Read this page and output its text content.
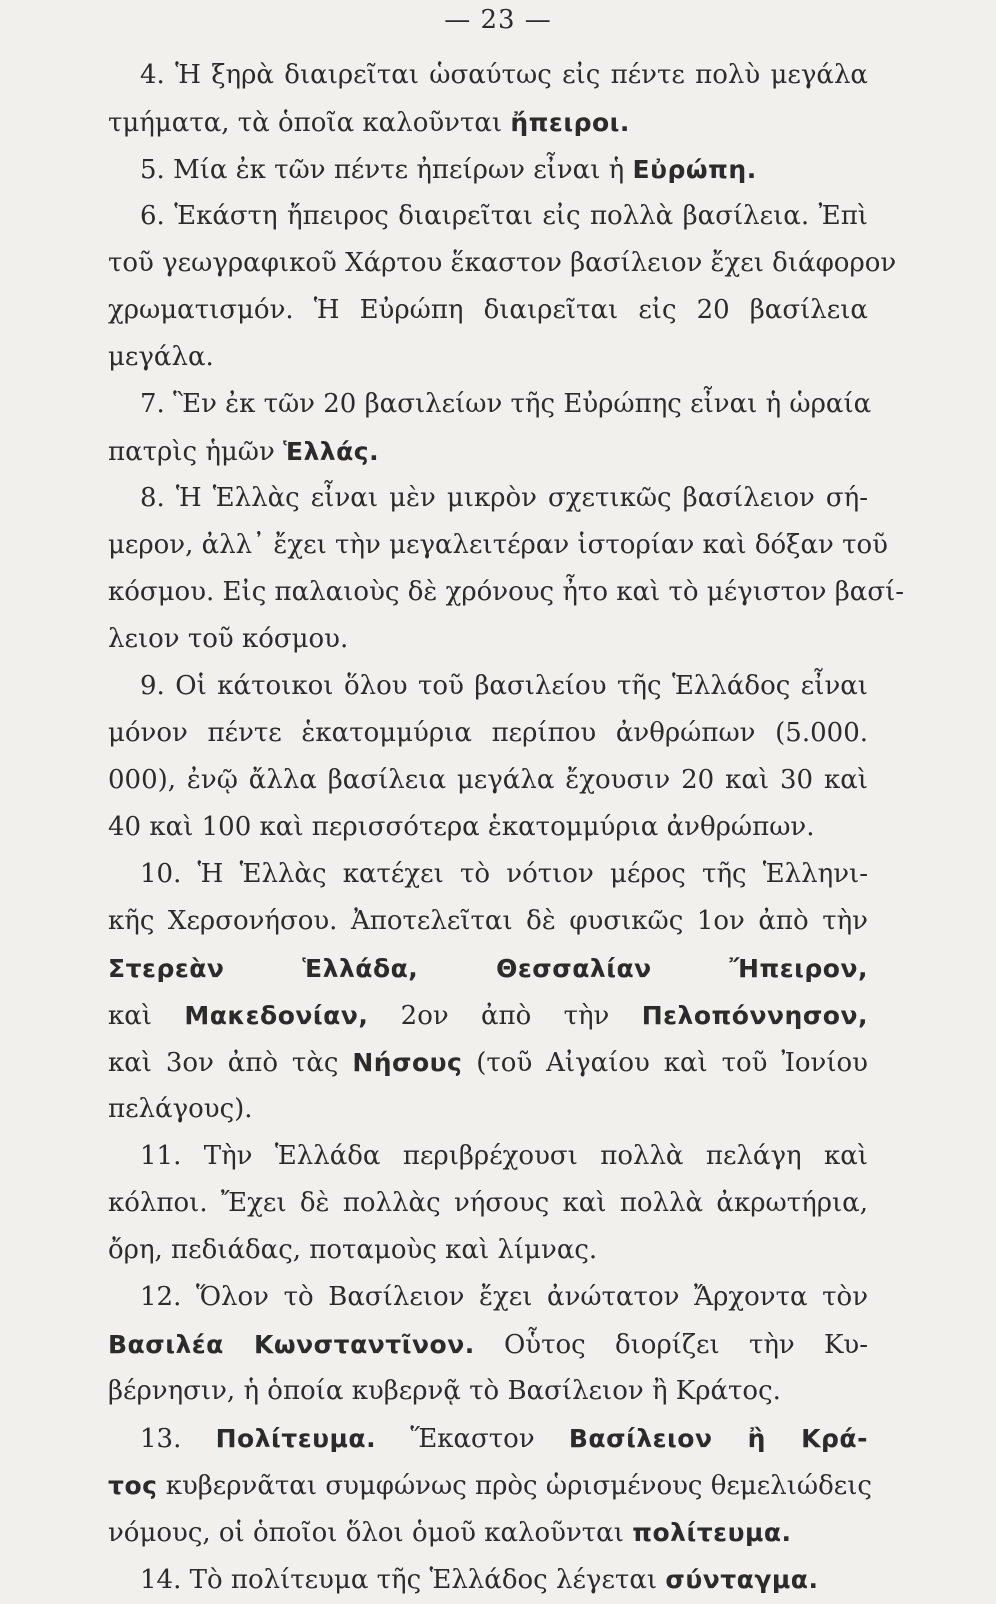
— 23 —
4. Ἡ ξηρὰ διαιρεῖται ὡσαύτως εἰς πέντε πολὺ μεγάλα
τμήματα, τὰ ὁποῖα καλοῦνται ἤπειροι.
5. Μία ἐκ τῶν πέντε ἠπείρων εἶναι ἡ Εὐρώπη.
6. Ἑκάστη ἤπειρος διαιρεῖται εἰς πολλὰ βασίλεια. Ἐπὶ
τοῦ γεωγραφικοῦ Χάρτου ἕκαστον βασίλειον ἔχει διάφορον
χρωματισμόν. Ἡ Εὐρώπη διαιρεῖται εἰς 20 βασίλεια
μεγάλα.
7. Ἓν ἐκ τῶν 20 βασιλείων τῆς Εὐρώπης εἶναι ἡ ὡραία
πατρὶς ἡμῶν Ἑλλάς.
8. Ἡ Ἑλλὰς εἶναι μὲν μικρὸν σχετικῶς βασίλειον σή-
μερον, ἀλλ᾽ ἔχει τὴν μεγαλειτέραν ἱστορίαν καὶ δόξαν τοῦ
κόσμου. Εἰς παλαιοὺς δὲ χρόνους ἦτο καὶ τὸ μέγιστον βασί-
λειον τοῦ κόσμου.
9. Οἱ κάτοικοι ὅλου τοῦ βασιλείου τῆς Ἑλλάδος εἶναι
μόνον πέντε ἑκατομμύρια περίπου ἀνθρώπων (5.000.
000), ἐνῷ ἄλλα βασίλεια μεγάλα ἔχουσιν 20 καὶ 30 καὶ
40 καὶ 100 καὶ περισσότερα ἑκατομμύρια ἀνθρώπων.
10. Ἡ Ἑλλὰς κατέχει τὸ νότιον μέρος τῆς Ἑλληνι-
κῆς Χερσονήσου. Ἀποτελεῖται δὲ φυσικῶς 1ον ἀπὸ τὴν
Στερεὰν Ἑλλάδα, Θεσσαλίαν Ἤπειρον,
καὶ Μακεδονίαν, 2ον ἀπὸ τὴν Πελοπόννησον,
καὶ 3ον ἀπὸ τὰς Νήσους (τοῦ Αἰγαίου καὶ τοῦ Ἰονίου
πελάγους).
11. Τὴν Ἑλλάδα περιβρέχουσι πολλὰ πελάγη καὶ
κόλποι. Ἔχει δὲ πολλὰς νήσους καὶ πολλὰ ἀκρωτήρια,
ὄρη, πεδιάδας, ποταμοὺς καὶ λίμνας.
12. Ὅλον τὸ Βασίλειον ἔχει ἀνώτατον Ἄρχοντα τὸν
Βασιλέα Κωνσταντῖνον. Οὗτος διορίζει τὴν Κυ-
βέρνησιν, ἡ ὁποία κυβερνᾷ τὸ Βασίλειον ἢ Κράτος.
13. Πολίτευμα. Ἕκαστον Βασίλειον ἢ Κρά-
τος κυβερνᾶται συμφώνως πρὸς ὡρισμένους θεμελιώδεις
νόμους, οἱ ὁποῖοι ὅλοι ὁμοῦ καλοῦνται πολίτευμα.
14. Τὸ πολίτευμα τῆς Ἑλλάδος λέγεται σύνταγμα.
